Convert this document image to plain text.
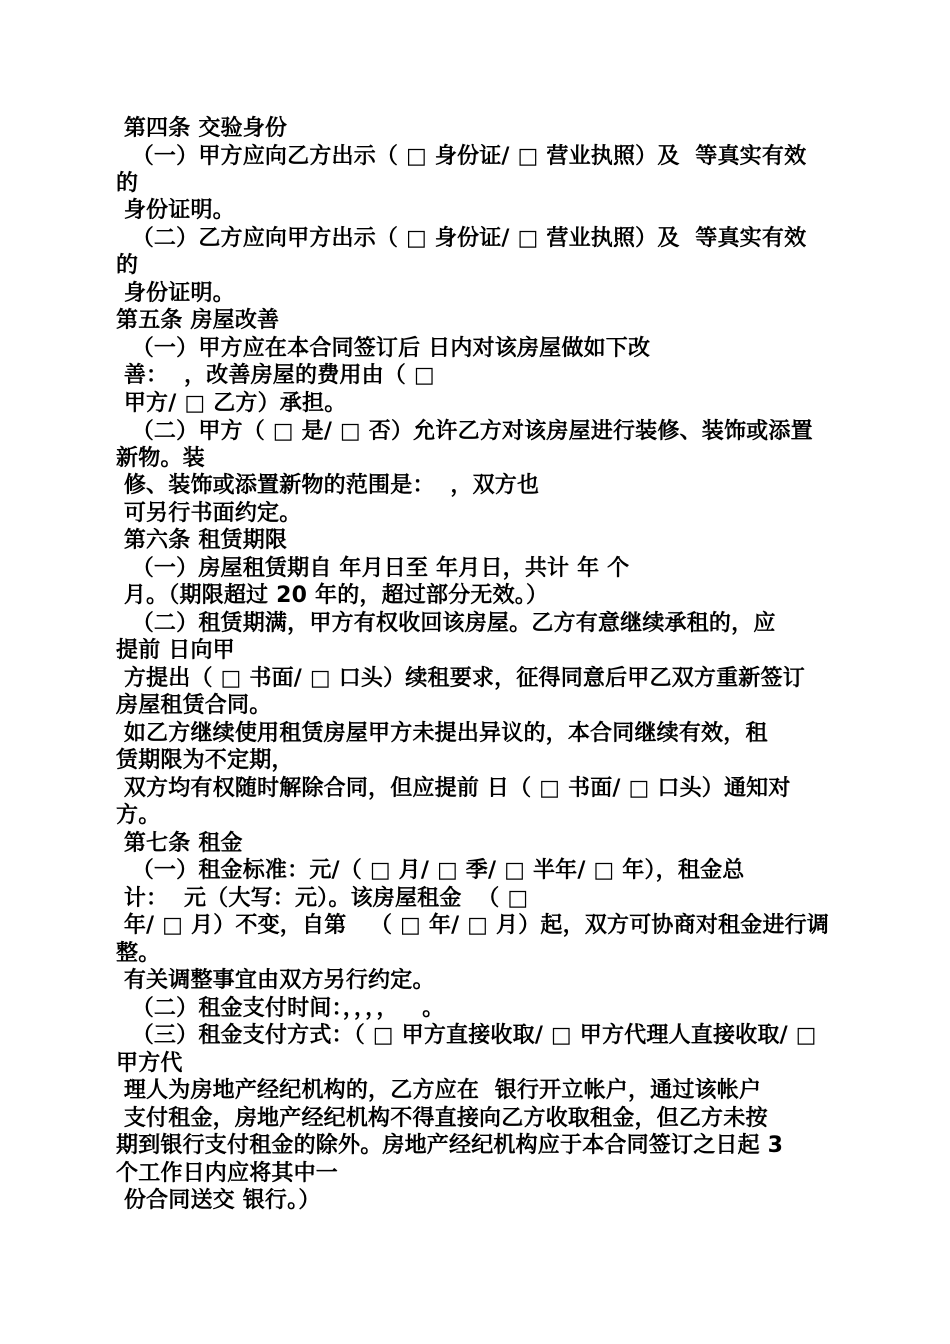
第四条 交验身份
（一）甲方应向乙方出示（ □ 身份证/ □ 营业执照）及  等真实有效
的
身份证明。
（二）乙方应向甲方出示（ □ 身份证/ □ 营业执照）及  等真实有效
的
身份证明。
第五条 房屋改善
（一）甲方应在本合同签订后 日内对该房屋做如下改
善：  ，改善房屋的费用由（ □
甲方/ □ 乙方）承担。
（二）甲方（ □ 是/ □ 否）允许乙方对该房屋进行装修、装饰或添置
新物。装
修、装饰或添置新物的范围是：  ，双方也
可另行书面约定。
第六条 租赁期限
（一）房屋租赁期自 年月日至 年月日，共计 年 个
月。（期限超过 20 年的，超过部分无效。）
（二）租赁期满，甲方有权收回该房屋。乙方有意继续承租的，应
提前 日向甲
方提出（ □ 书面/ □ 口头）续租要求，征得同意后甲乙双方重新签订
房屋租赁合同。
如乙方继续使用租赁房屋甲方未提出异议的，本合同继续有效，租
赁期限为不定期，
双方均有权随时解除合同，但应提前 日（ □ 书面/ □ 口头）通知对
方。
第七条 租金
（一）租金标准：元/（ □ 月/ □ 季/ □ 半年/ □ 年），租金总
计：  元（大写：元）。该房屋租金  （ □
年/ □ 月）不变，自第   （ □ 年/ □ 月）起，双方可协商对租金进行调
整。
有关调整事宜由双方另行约定。
（二）租金支付时间：，，，，   。
（三）租金支付方式：（ □ 甲方直接收取/ □ 甲方代理人直接收取/ □
甲方代
理人为房地产经纪机构的，乙方应在  银行开立帐户，通过该帐户
支付租金，房地产经纪机构不得直接向乙方收取租金，但乙方未按
期到银行支付租金的除外。房地产经纪机构应于本合同签订之日起 3
个工作日内应将其中一
份合同送交 银行。）
